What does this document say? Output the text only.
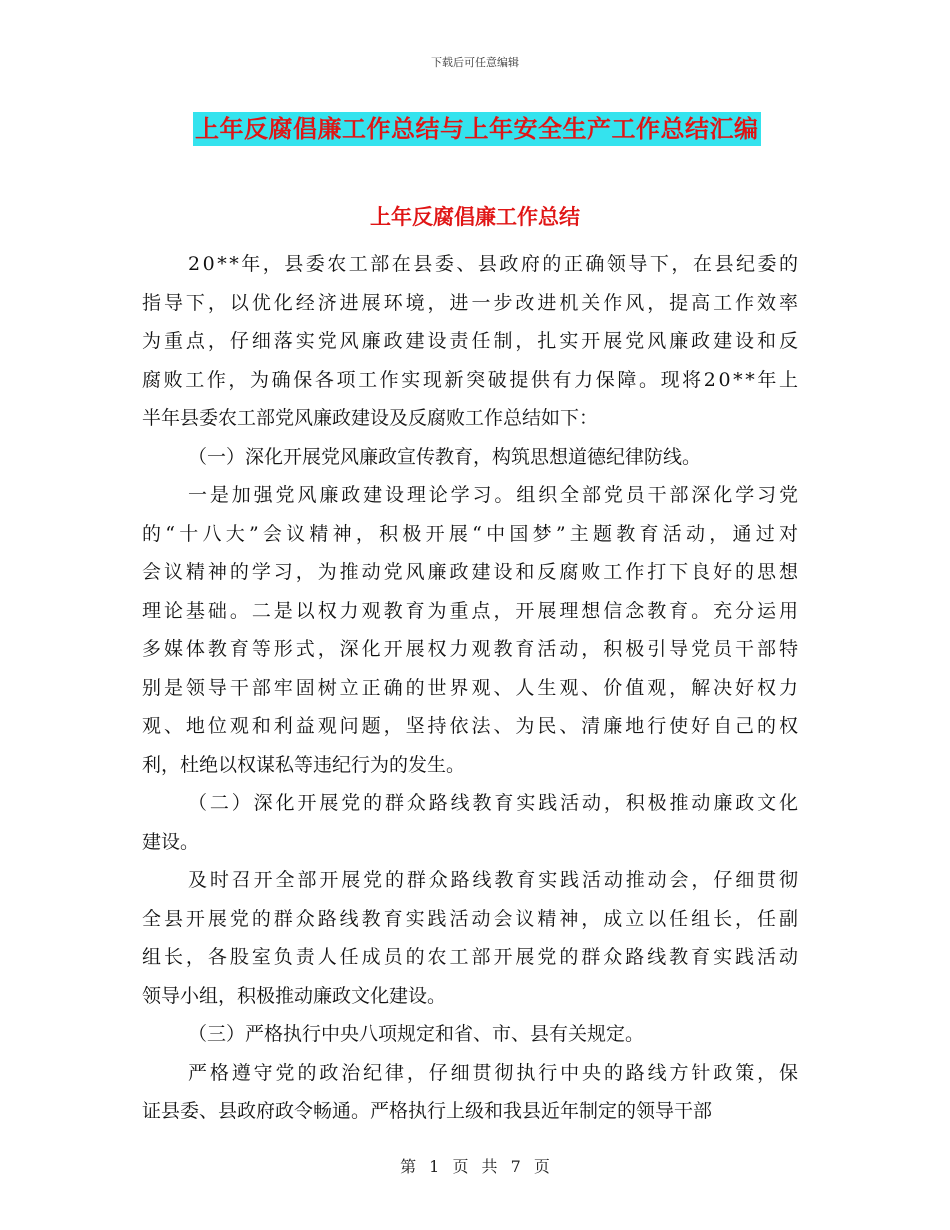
下载后可任意编辑
上年反腐倡廉工作总结与上年安全生产工作总结汇编
上年反腐倡廉工作总结
20**年，县委农工部在县委、县政府的正确领导下，在县纪委的
指导下，以优化经济进展环境，进一步改进机关作风，提高工作效率
为重点，仔细落实党风廉政建设责任制，扎实开展党风廉政建设和反
腐败工作，为确保各项工作实现新突破提供有力保障。现将20**年上
半年县委农工部党风廉政建设及反腐败工作总结如下：
（一）深化开展党风廉政宣传教育，构筑思想道德纪律防线。
一是加强党风廉政建设理论学习。组织全部党员干部深化学习党
的“十八大”会议精神，积极开展“中国梦”主题教育活动，通过对
会议精神的学习，为推动党风廉政建设和反腐败工作打下良好的思想
理论基础。二是以权力观教育为重点，开展理想信念教育。充分运用
多媒体教育等形式，深化开展权力观教育活动，积极引导党员干部特
别是领导干部牢固树立正确的世界观、人生观、价值观，解决好权力
观、地位观和利益观问题，坚持依法、为民、清廉地行使好自己的权
利，杜绝以权谋私等违纪行为的发生。
（二）深化开展党的群众路线教育实践活动，积极推动廉政文化
建设。
及时召开全部开展党的群众路线教育实践活动推动会，仔细贯彻
全县开展党的群众路线教育实践活动会议精神，成立以任组长，任副
组长，各股室负责人任成员的农工部开展党的群众路线教育实践活动
领导小组，积极推动廉政文化建设。
（三）严格执行中央八项规定和省、市、县有关规定。
严格遵守党的政治纪律，仔细贯彻执行中央的路线方针政策，保
证县委、县政府政令畅通。严格执行上级和我县近年制定的领导干部
第 1 页 共 7 页
